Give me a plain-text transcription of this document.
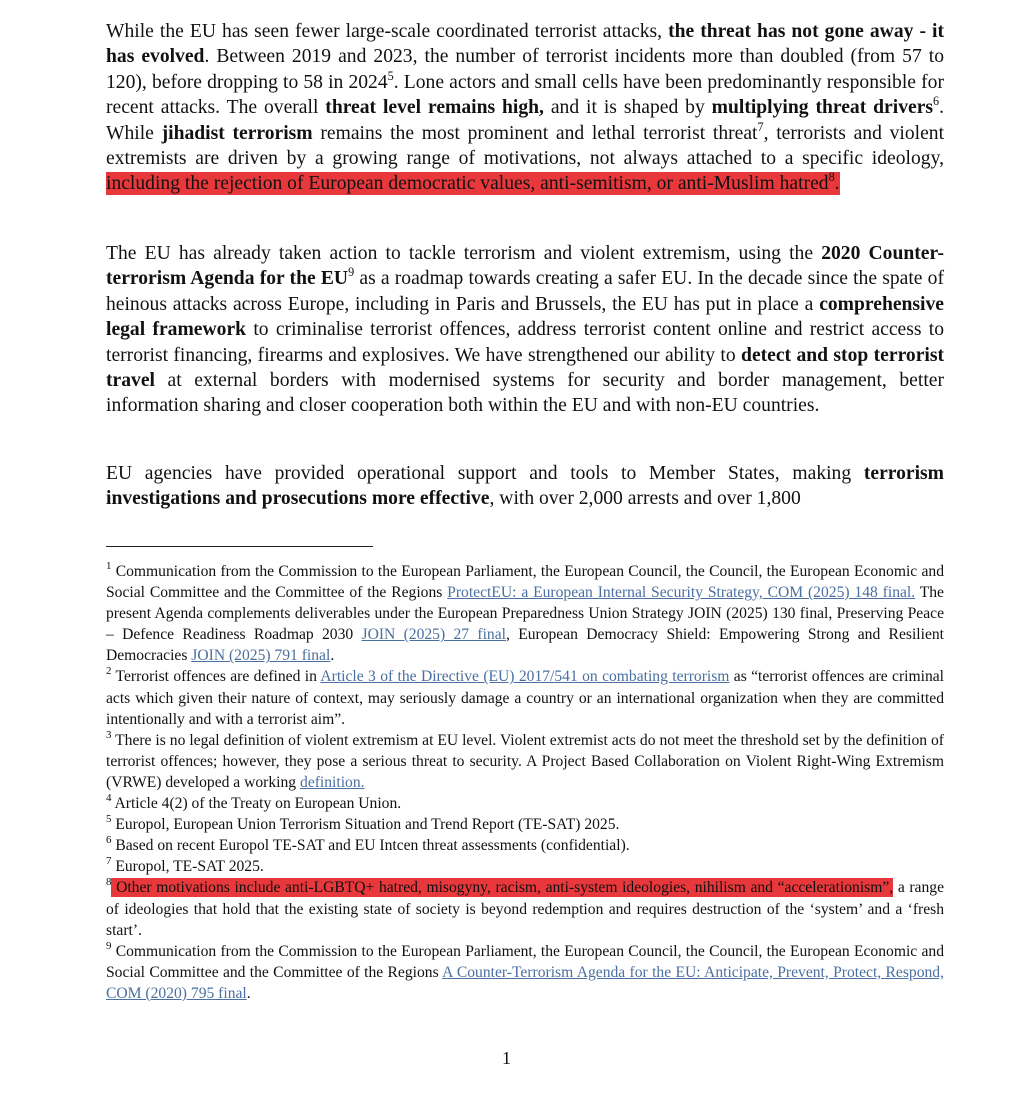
While the EU has seen fewer large-scale coordinated terrorist attacks, the threat has not gone away - it has evolved. Between 2019 and 2023, the number of terrorist incidents more than doubled (from 57 to 120), before dropping to 58 in 2024$^5$. Lone actors and small cells have been predominantly responsible for recent attacks. The overall threat level remains high, and it is shaped by multiplying threat drivers$^6$. While jihadist terrorism remains the most prominent and lethal terrorist threat$^7$, terrorists and violent extremists are driven by a growing range of motivations, not always attached to a specific ideology, including the rejection of European democratic values, anti-semitism, or anti-Muslim hatred$^8$.

The EU has already taken action to tackle terrorism and violent extremism, using the 2020 Counter-terrorism Agenda for the $EU^9$ as a roadmap towards creating a safer EU. In the decade since the spate of heinous attacks across Europe, including in Paris and Brussels, the EU has put in place a comprehensive legal framework to criminalise terrorist offences, address terrorist content online and restrict access to terrorist financing, firearms and explosives. We have strengthened our ability to detect and stop terrorist travel at external borders with modernised systems for security and border management, better information sharing and closer cooperation both within the EU and with non-EU countries.

EU agencies have provided operational support and tools to Member States, making terrorism investigations and prosecutions more effective, with over 2,000 arrests and over 1,800

$^1$ Communication from the Commission to the European Parliament, the European Council, the Council, the European Economic and Social Committee and the Committee of the Regions ProtectEU: a European Internal Security Strategy, COM (2025) 148 final. The present Agenda complements deliverables under the European Preparedness Union Strategy JOIN (2025) 130 final, Preserving Peace – Defence Readiness Roadmap 2030 JOIN (2025) 27 final, European Democracy Shield: Empowering Strong and Resilient Democracies JOIN (2025) 791 final.

$^2$ Terrorist offences are defined in Article 3 of the Directive (EU) 2017/541 on combating terrorism as “terrorist offences are criminal acts which given their nature of context, may seriously damage a country or an international organization when they are committed intentionally and with a terrorist aim”.

$^3$ There is no legal definition of violent extremism at EU level. Violent extremist acts do not meet the threshold set by the definition of terrorist offences; however, they pose a serious threat to security. A Project Based Collaboration on Violent Right-Wing Extremism (VRWE) developed a working definition.

$^4$ Article 4(2) of the Treaty on European Union.

$^5$ Europol, European Union Terrorism Situation and Trend Report (TE-SAT) 2025.

$^6$ Based on recent Europol TE-SAT and EU Intcen threat assessments (confidential).

$^7$ Europol, TE-SAT 2025.

$^8$ Other motivations include anti-LGBTQ+ hatred, misogyny, racism, anti-system ideologies, nihilism and “accelerationism”, a range of ideologies that hold that the existing state of society is beyond redemption and requires destruction of the ‘system’ and a ‘fresh start’.

$^9$ Communication from the Commission to the European Parliament, the European Council, the Council, the European Economic and Social Committee and the Committee of the Regions A Counter-Terrorism Agenda for the EU: Anticipate, Prevent, Protect, Respond, COM (2020) 795 final.

1
